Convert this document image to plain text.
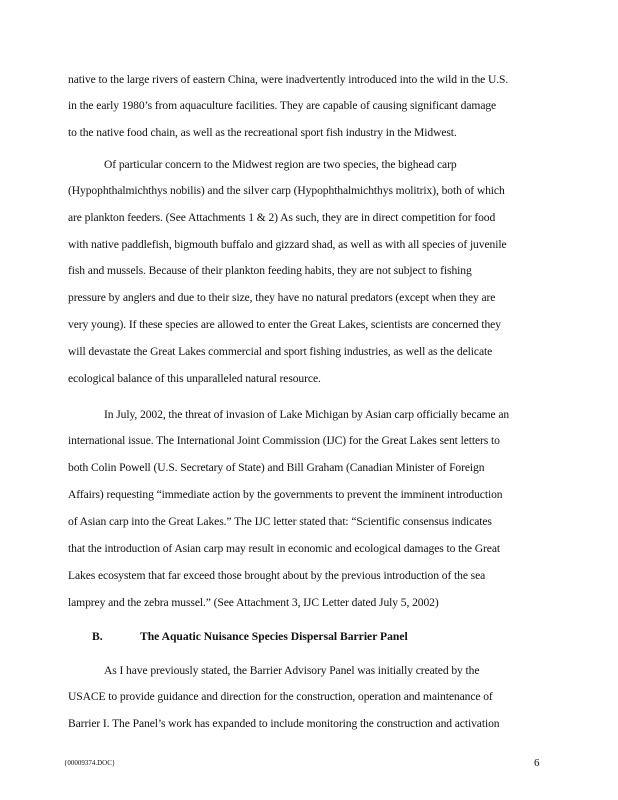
native to the large rivers of eastern China, were inadvertently introduced into the wild in the U.S.
in the early 1980’s from aquaculture facilities. They are capable of causing significant damage
to the native food chain, as well as the recreational sport fish industry in the Midwest.
Of particular concern to the Midwest region are two species, the bighead carp
(Hypophthalmichthys nobilis) and the silver carp (Hypophthalmichthys molitrix), both of which
are plankton feeders. (See Attachments 1 & 2) As such, they are in direct competition for food
with native paddlefish, bigmouth buffalo and gizzard shad, as well as with all species of juvenile
fish and mussels. Because of their plankton feeding habits, they are not subject to fishing
pressure by anglers and due to their size, they have no natural predators (except when they are
very young). If these species are allowed to enter the Great Lakes, scientists are concerned they
will devastate the Great Lakes commercial and sport fishing industries, as well as the delicate
ecological balance of this unparalleled natural resource.
In July, 2002, the threat of invasion of Lake Michigan by Asian carp officially became an
international issue. The International Joint Commission (IJC) for the Great Lakes sent letters to
both Colin Powell (U.S. Secretary of State) and Bill Graham (Canadian Minister of Foreign
Affairs) requesting “immediate action by the governments to prevent the imminent introduction
of Asian carp into the Great Lakes.” The IJC letter stated that: “Scientific consensus indicates
that the introduction of Asian carp may result in economic and ecological damages to the Great
Lakes ecosystem that far exceed those brought about by the previous introduction of the sea
lamprey and the zebra mussel.” (See Attachment 3, IJC Letter dated July 5, 2002)
B.	The Aquatic Nuisance Species Dispersal Barrier Panel
As I have previously stated, the Barrier Advisory Panel was initially created by the
USACE to provide guidance and direction for the construction, operation and maintenance of
Barrier I. The Panel’s work has expanded to include monitoring the construction and activation
{00009374.DOC}	6
